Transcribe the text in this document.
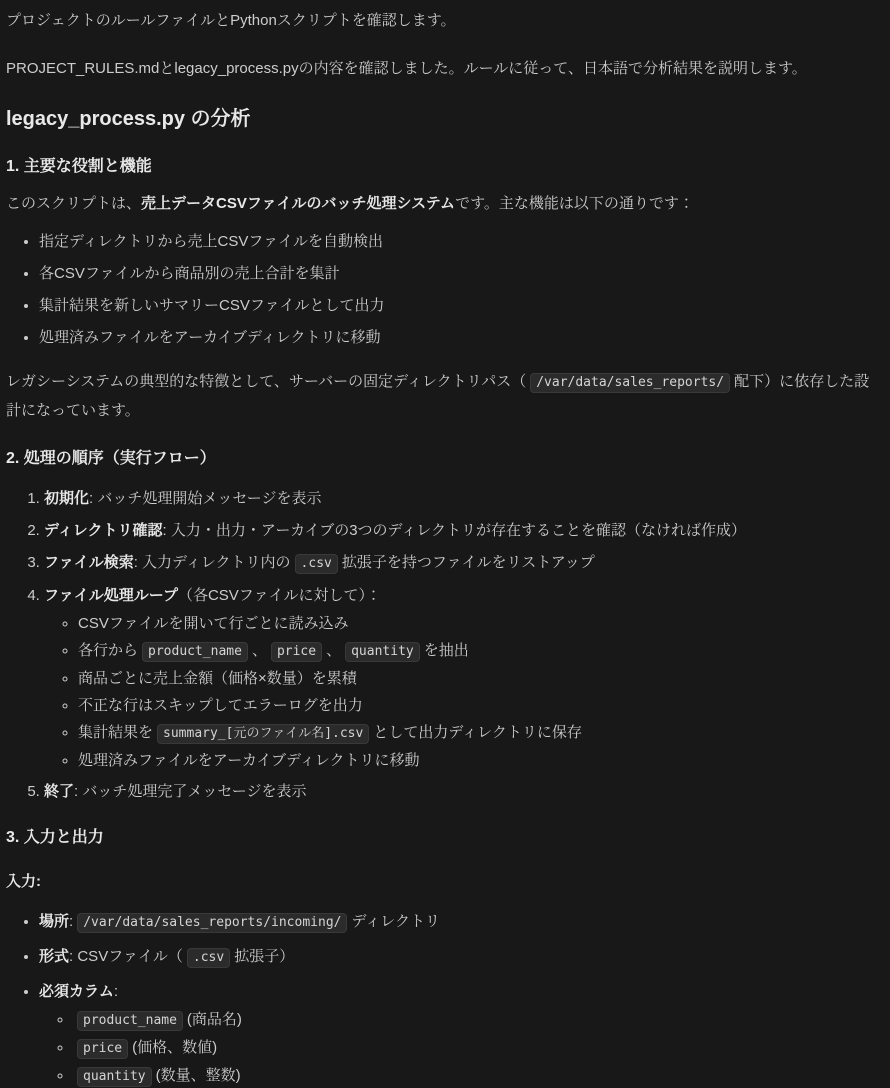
プロジェクトのルールファイルとPythonスクリプトを確認します。

PROJECT_RULES.mdとlegacy_process.pyの内容を確認しました。ルールに従って、日本語で分析結果を説明します。

legacy_process.py の分析
1. 主要な役割と機能

このスクリプトは、売上データCSVファイルのバッチ処理システムです。主な機能は以下の通りです：

• 指定ディレクトリから売上CSVファイルを自動検出
• 各CSVファイルから商品別の売上合計を集計
• 集計結果を新しいサマリーCSVファイルとして出力
• 処理済みファイルをアーカイブディレクトリに移動

レガシーシステムの典型的な特徴として、サーバーの固定ディレクトリパス（ /var/data/sales_reports/ 配下）に依存した設計になっています。

2. 処理の順序（実行フロー）
1. 初期化: バッチ処理開始メッセージを表示
2. ディレクトリ確認: 入力・出力・アーカイブの3つのディレクトリが存在することを確認（なければ作成）
3. ファイル検索: 入力ディレクトリ内の .csv 拡張子を持つファイルをリストアップ
4. ファイル処理ループ（各CSVファイルに対して）：
◦ CSVファイルを開いて行ごとに読み込み
◦ 各行から product_name 、 price 、 quantity を抽出
◦ 商品ごとに売上金額（価格×数量）を累積
◦ 不正な行はスキップしてエラーログを出力
◦ 集計結果を summary_[元のファイル名].csv として出力ディレクトリに保存
◦ 処理済みファイルをアーカイブディレクトリに移動
5. 終了: バッチ処理完了メッセージを表示
3. 入力と出力

入力:

• 場所: /var/data/sales_reports/incoming/ ディレクトリ
• 形式: CSVファイル（ .csv 拡張子）
• 必須カラム:
◦ product_name (商品名)
◦ price (価格、数値)
◦ quantity (数量、整数)
